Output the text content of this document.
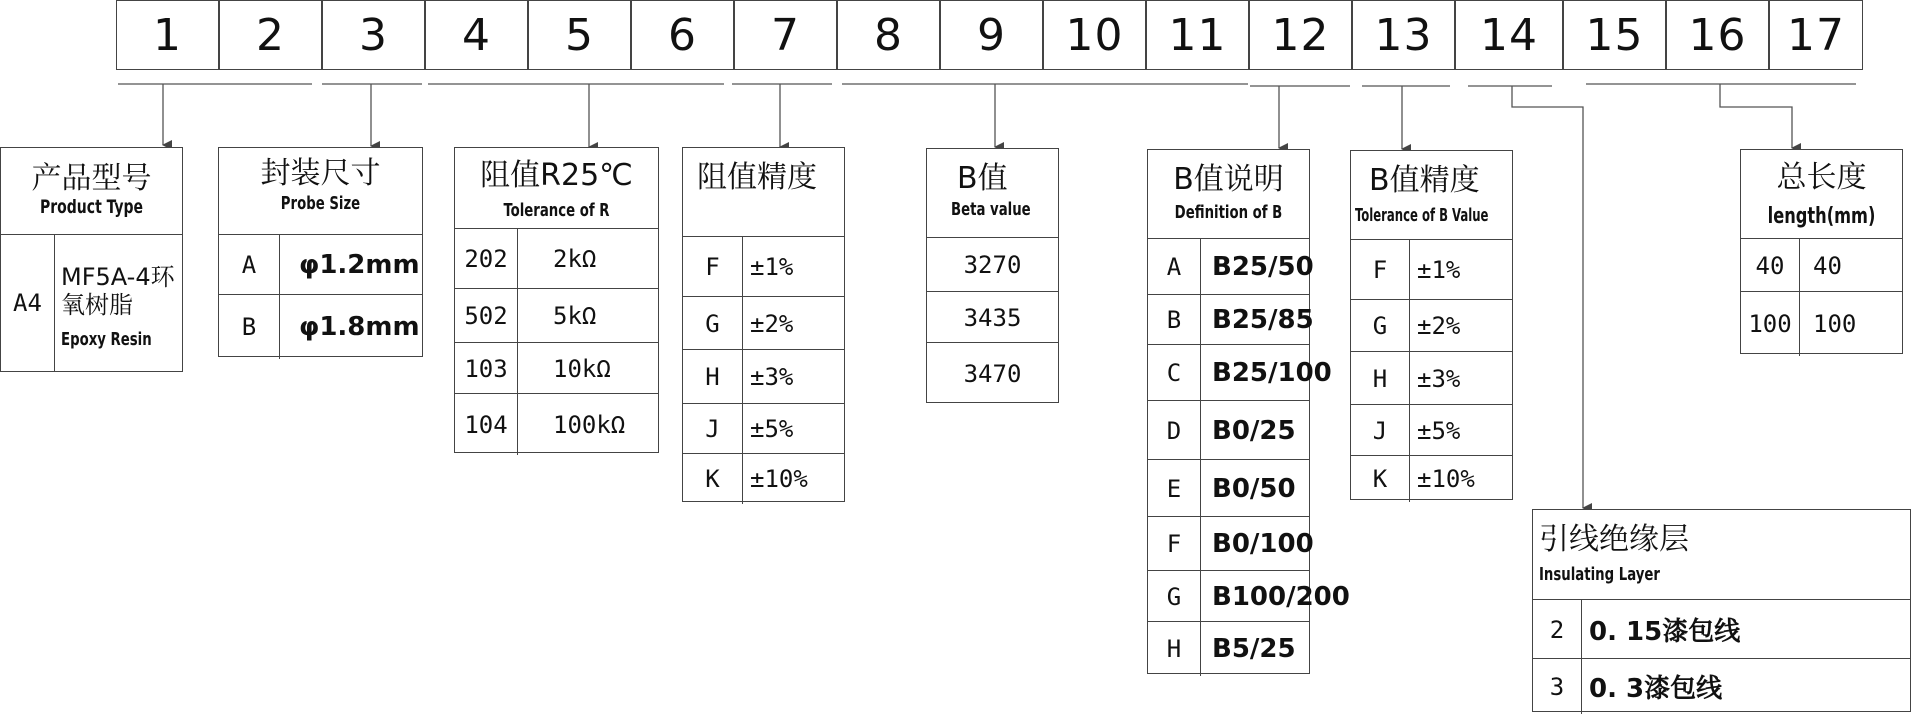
1	2	3	4	5	6	7	8	9	10	11	12	13	14	15	16 17
产品型号
Product Type
A4
MF5A-4环
氧树脂
Epoxy Resin
封装尺寸
Probe Size
A	φ1.2mm
B	φ1.8mm
阻值R25℃
Tolerance of R
202	2kΩ
502	5kΩ
103	10kΩ
104	100kΩ
阻值精度
F	±1%
G	±2%
H	±3%
J	±5%
K	±10%
B值
Beta value
3270
3435
3470
B值说明
Definition of B
A	B25/50
B	B25/85
C	B25/100
D	B0/25
E	B0/50
F	B0/100
G	B100/200
H	B5/25
B值精度
Tolerance of B Value
F	±1%
G	±2%
H	±3%
J	±5%
K	±10%
引线绝缘层
Insulating Layer
2 0. 15漆包线
3 0. 3漆包线
总长度
length(mm)
40	40
100 100
